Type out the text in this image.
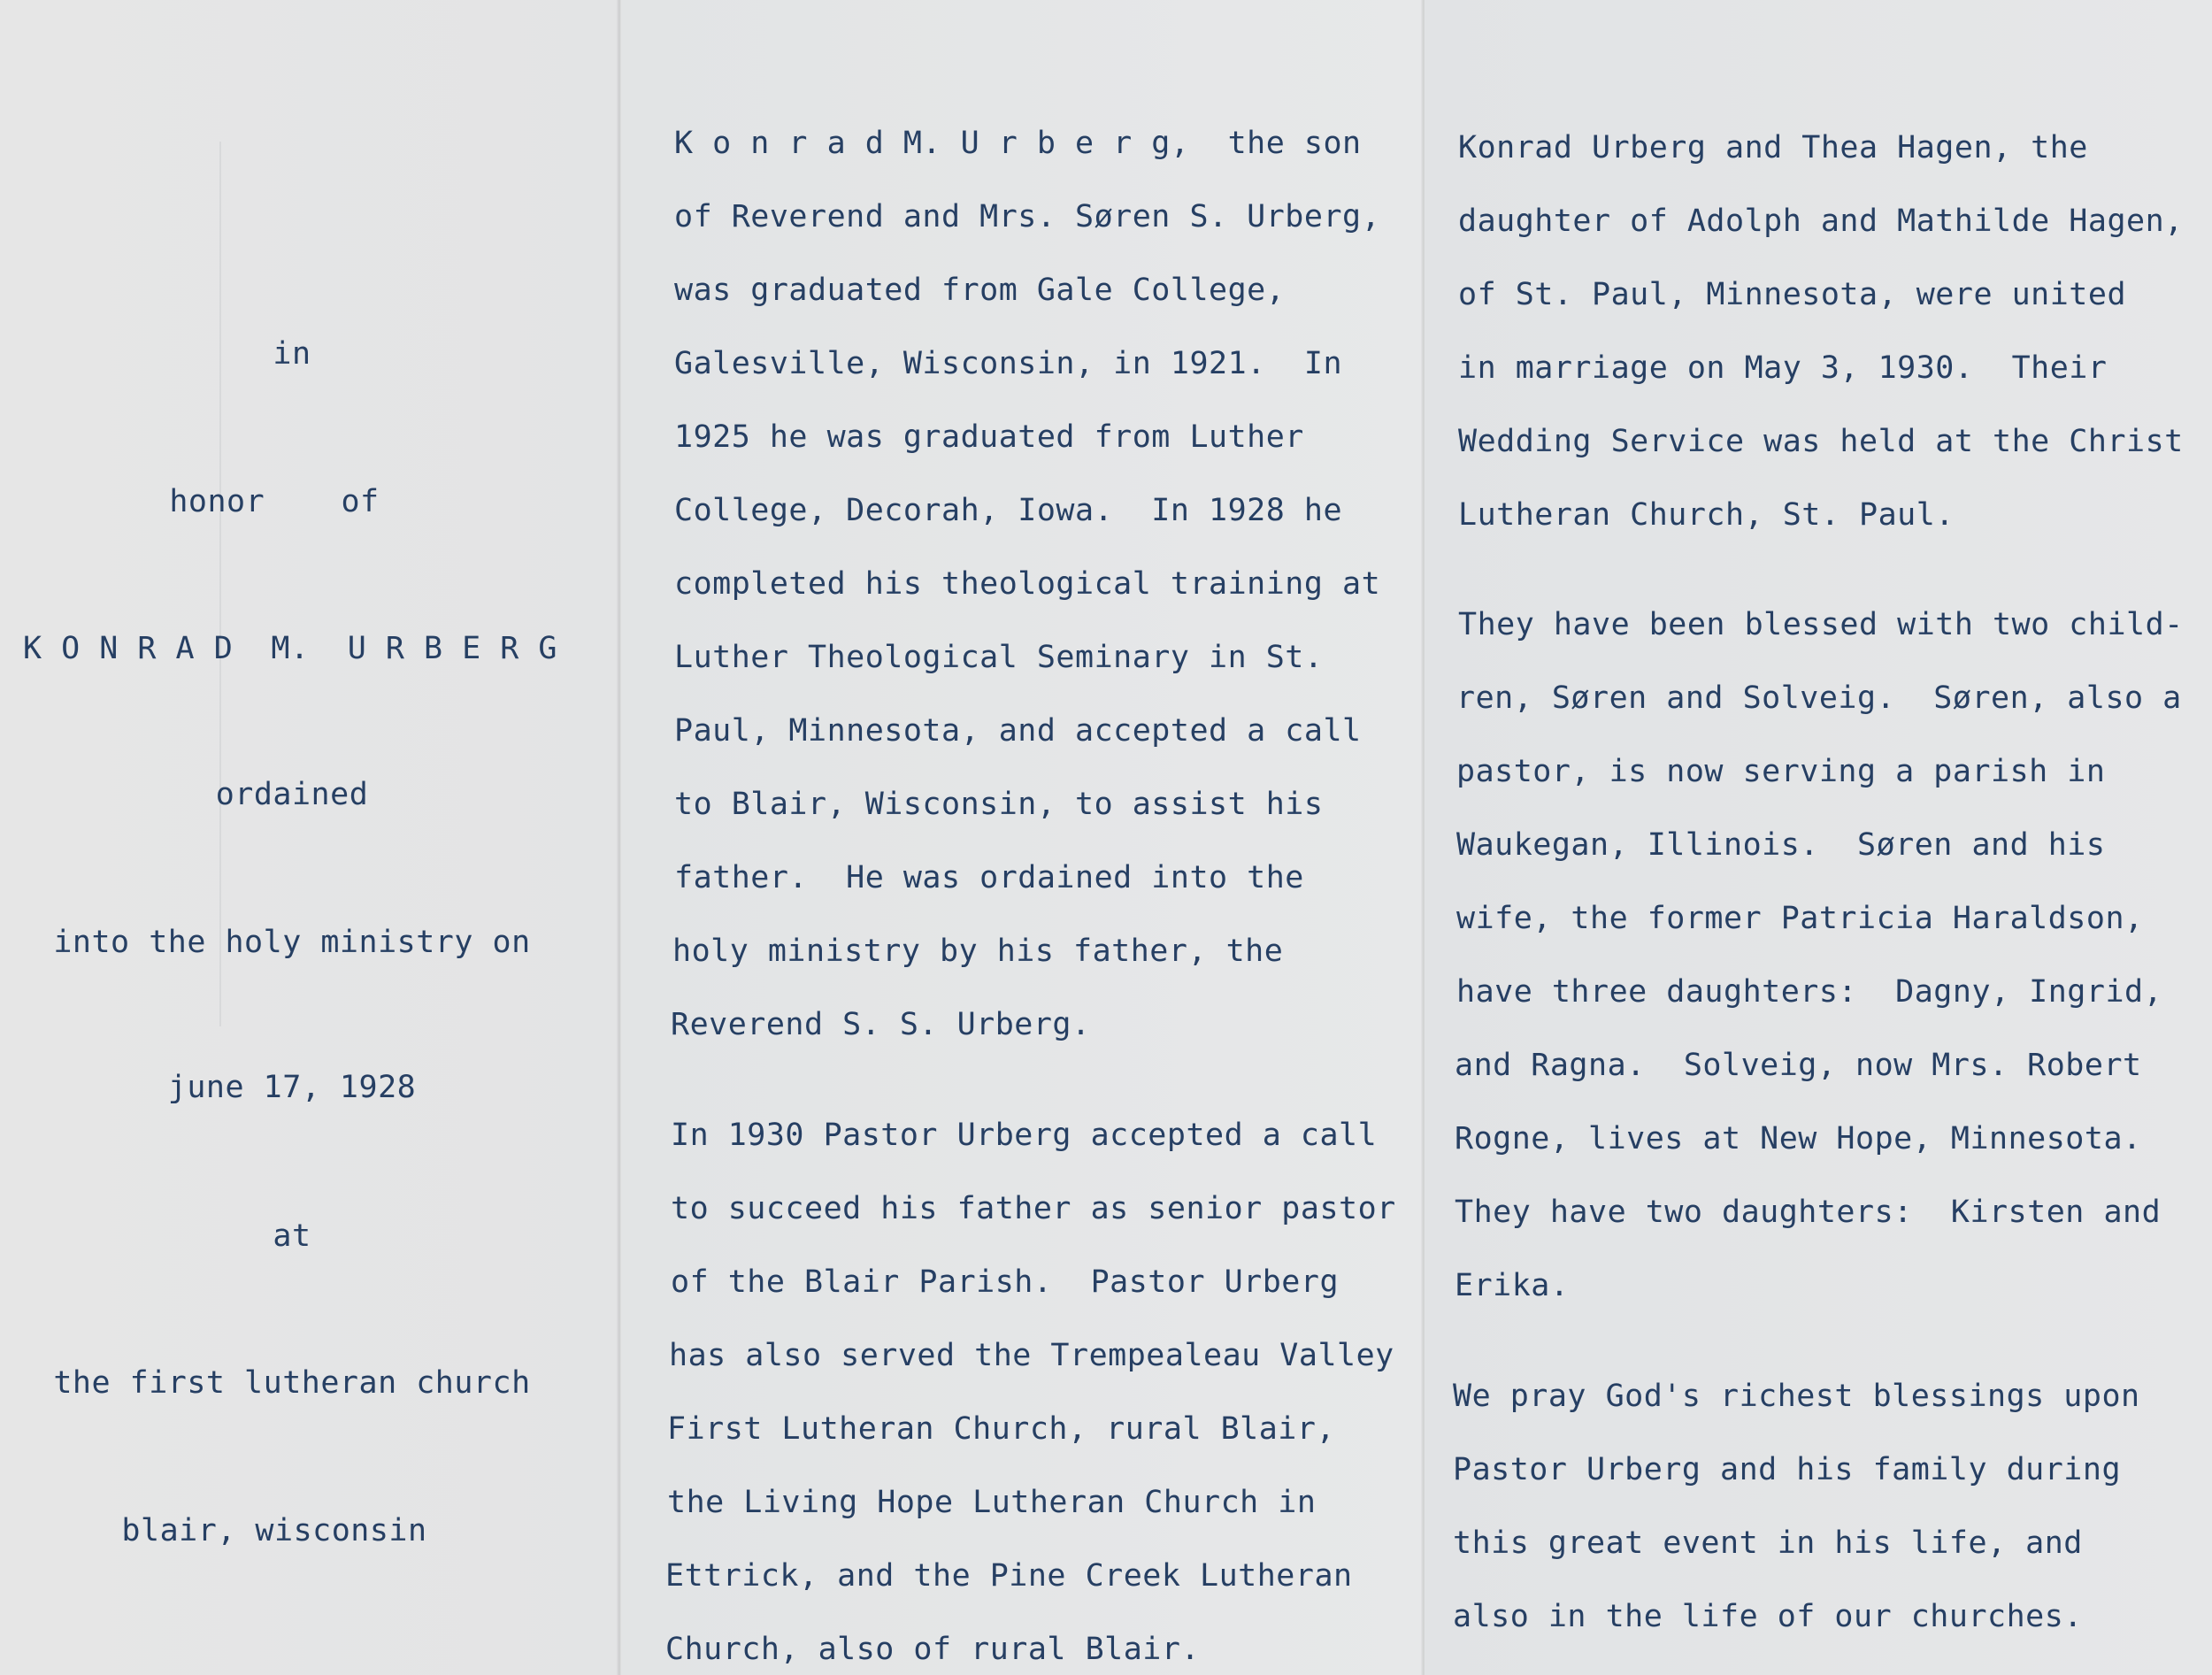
in
honor    of
K O N R A D  M.  U R B E R G
ordained
into the holy ministry on
june 17, 1928
at
the first lutheran church
blair, wisconsin
K o n r a d M. U r b e r g,  the son
of Reverend and Mrs. Søren S. Urberg,
was graduated from Gale College,
Galesville, Wisconsin, in 1921.  In
1925 he was graduated from Luther
College, Decorah, Iowa.  In 1928 he
completed his theological training at
Luther Theological Seminary in St.
Paul, Minnesota, and accepted a call
to Blair, Wisconsin, to assist his
father.  He was ordained into the
holy ministry by his father, the
Reverend S. S. Urberg.
In 1930 Pastor Urberg accepted a call
to succeed his father as senior pastor
of the Blair Parish.  Pastor Urberg
has also served the Trempealeau Valley
First Lutheran Church, rural Blair,
the Living Hope Lutheran Church in
Ettrick, and the Pine Creek Lutheran
Church, also of rural Blair.
Konrad Urberg and Thea Hagen, the
daughter of Adolph and Mathilde Hagen,
of St. Paul, Minnesota, were united
in marriage on May 3, 1930.  Their
Wedding Service was held at the Christ
Lutheran Church, St. Paul.
They have been blessed with two child-
ren, Søren and Solveig.  Søren, also a
pastor, is now serving a parish in
Waukegan, Illinois.  Søren and his
wife, the former Patricia Haraldson,
have three daughters:  Dagny, Ingrid,
and Ragna.  Solveig, now Mrs. Robert
Rogne, lives at New Hope, Minnesota.
They have two daughters:  Kirsten and
Erika.
We pray God's richest blessings upon
Pastor Urberg and his family during
this great event in his life, and
also in the life of our churches.
